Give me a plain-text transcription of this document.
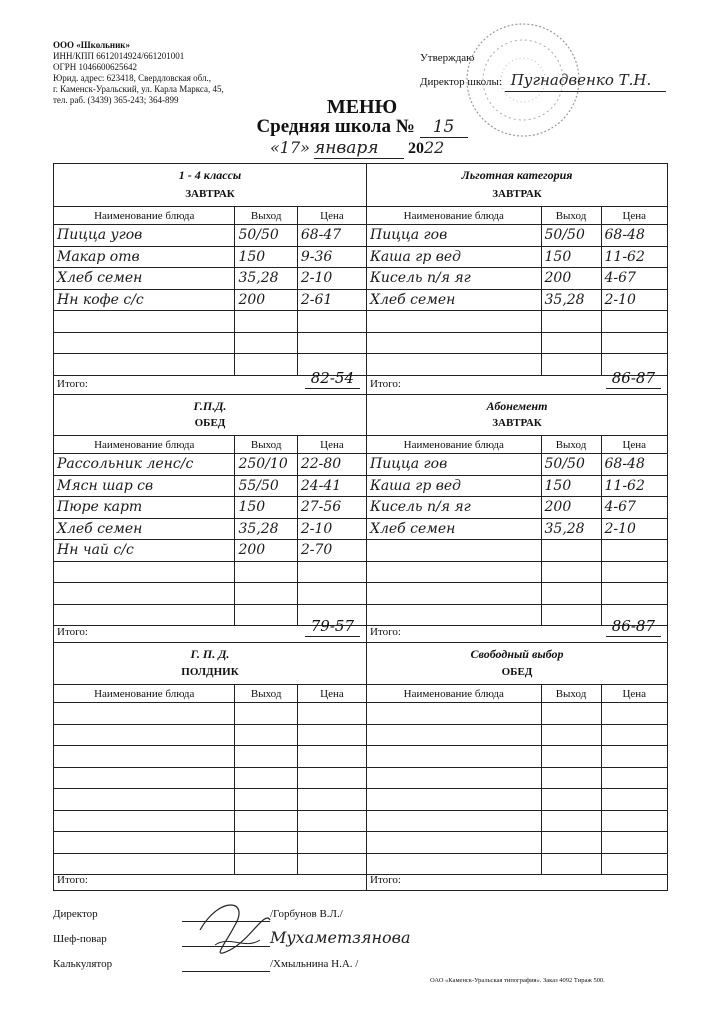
ООО «Школьник»
ИНН/КПП 6612014924/661201001
ОГРН 1046600625642
Юрид. адрес: 623418, Свердловская обл.,
г. Каменск-Уральский, ул. Карла Маркса, 45,
тел. раб. (3439) 365-243; 364-899
Утверждаю
Директор школы: Пугнадвенко Т.Н.
МЕНЮ
Средняя школа № 15
«17» января 2022
1 - 4 классы
ЗАВТРАК
Наименование блюда	Выход	Цена
Пицца угов	50/50	68-47
Макар отв	150	9-36
Хлеб семен	35,28	2-10
Нн кофе с/с	200	2-61

Итого:	82-54
Льготная категория
ЗАВТРАК
Наименование блюда	Выход	Цена
Пицца гов	50/50	68-48
Каша гр вед	150	11-62
Кисель п/я яг	200	4-67
Хлеб семен	35,28	2-10

Итого:	86-87
Г.П.Д.
ОБЕД
Наименование блюда	Выход	Цена
Рассольник ленс/с	250/10	22-80
Мясн шар св	55/50	24-41
Пюре карт	150	27-56
Хлеб семен	35,28	2-10
Нн чай с/с	200	2-70

Итого:	79-57
Абонемент
ЗАВТРАК
Наименование блюда	Выход	Цена
Пицца гов	50/50	68-48
Каша гр вед	150	11-62
Кисель п/я яг	200	4-67
Хлеб семен	35,28	2-10

Итого:	86-87
Г. П. Д.
ПОЛДНИК
Наименование блюда	Выход	Цена

Итого:
Свободный выбор
ОБЕД
Наименование блюда	Выход	Цена

Итого:
Директор	/Горбунов В.Л./
Шеф-повар	Мухаметзянова
Калькулятор	/Хмыльнина Н.А. /
ОАО «Каменск-Уральская типография». Заказ 4092 Тираж 500.
